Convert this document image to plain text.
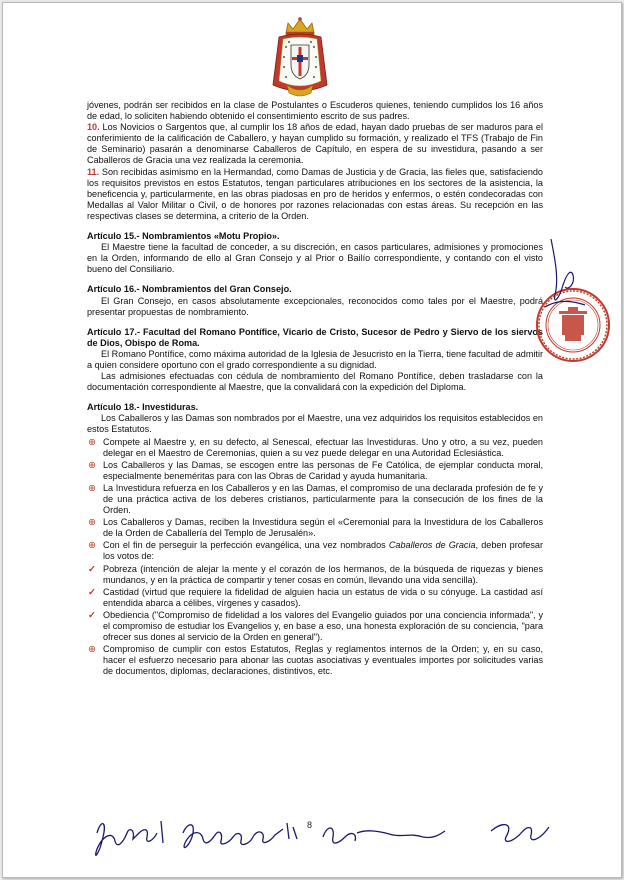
jóvenes, podrán ser recibidos en la clase de Postulantes o Escuderos quienes, teniendo cumplidos los 16 años de edad, lo soliciten habiendo obtenido el consentimiento escrito de sus padres.

10. Los Novicios o Sargentos que, al cumplir los 18 años de edad, hayan dado pruebas de ser maduros para el conferimiento de la calificación de Caballero, y hayan cumplido su formación, y realizado el TFS (Trabajo de Fin de Seminario) pasarán a denominarse Caballeros de Capítulo, en espera de su investidura, pasando a ser Caballeros de Gracia una vez realizada la ceremonia.

11. Son recibidas asimismo en la Hermandad, como Damas de Justicia y de Gracia, las fieles que, satisfaciendo los requisitos previstos en estos Estatutos, tengan particulares atribuciones en los sectores de la asistencia, la beneficencia y, particularmente, en las obras piadosas en pro de heridos y enfermos, o estén condecoradas con Medallas al Valor Militar o Civil, o de honores por razones relacionadas con estas áreas. Su recepción en las respectivas clases se determina, a criterio de la Orden.

Artículo 15.- Nombramientos «Motu Propio».

El Maestre tiene la facultad de conceder, a su discreción, en casos particulares, admisiones y promociones en la Orden, informando de ello al Gran Consejo y al Prior o Bailío correspondiente, y contando con el visto bueno del Consiliario.

Artículo 16.- Nombramientos del Gran Consejo.

El Gran Consejo, en casos absolutamente excepcionales, reconocidos como tales por el Maestre, podrá presentar propuestas de nombramiento.

Artículo 17.- Facultad del Romano Pontífice, Vicario de Cristo, Sucesor de Pedro y Siervo de los siervos de Dios, Obispo de Roma.

El Romano Pontífice, como máxima autoridad de la Iglesia de Jesucristo en la Tierra, tiene facultad de admitir a quien considere oportuno con el grado correspondiente a su dignidad.

Las admisiones efectuadas con cédula de nombramiento del Romano Pontífice, deben trasladarse con la documentación correspondiente al Maestre, que la convalidará con la expedición del Diploma.

Artículo 18.- Investiduras.

Los Caballeros y las Damas son nombrados por el Maestre, una vez adquiridos los requisitos establecidos en estos Estatutos.

⊕ Compete al Maestre y, en su defecto, al Senescal, efectuar las Investiduras. Uno y otro, a su vez, pueden delegar en el Maestro de Ceremonias, quien a su vez puede delegar en una Autoridad Eclesiástica.

⊕ Los Caballeros y las Damas, se escogen entre las personas de Fe Católica, de ejemplar conducta moral, especialmente beneméritas para con las Obras de Caridad y ayuda humanitaria.

⊕ La Investidura refuerza en los Caballeros y en las Damas, el compromiso de una declarada profesión de fe y de una práctica activa de los deberes cristianos, particularmente para la consecución de los fines de la Orden.

⊕ Los Caballeros y Damas, reciben la Investidura según el «Ceremonial para la Investidura de los Caballeros de la Orden de Caballería del Templo de Jerusalén».

⊕ Con el fin de perseguir la perfección evangélica, una vez nombrados Caballeros de Gracia, deben profesar los votos de:

✓ Pobreza (intención de alejar la mente y el corazón de los hermanos, de la búsqueda de riquezas y bienes mundanos, y en la práctica de compartir y tener cosas en común, llevando una vida sencilla).

✓ Castidad (virtud que requiere la fidelidad de alguien hacia un estatus de vida o su cónyuge. La castidad así entendida abarca a célibes, vírgenes y casados).

✓ Obediencia ("Compromiso de fidelidad a los valores del Evangelio guiados por una conciencia informada", y el compromiso de estudiar los Evangelios y, en base a eso, una honesta exploración de su conciencia, "para ofrecer sus dones al servicio de la Orden en general").

⊕ Compromiso de cumplir con estos Estatutos, Reglas y reglamentos internos de la Orden; y, en su caso, hacer el esfuerzo necesario para abonar las cuotas asociativas y eventuales importes por solicitudes varias de documentos, diplomas, declaraciones, distintivos, etc.

8
